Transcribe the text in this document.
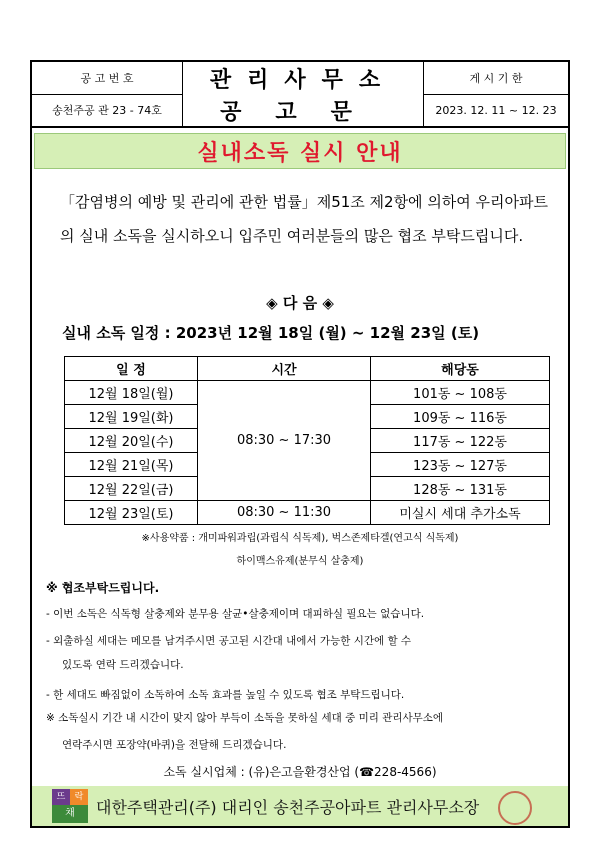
공 고 번 호
송천주공 관 23 - 74호
관리사무소
공고문
게 시 기 한
2023. 12. 11 ~ 12. 23
실내소독 실시 안내
「감염병의 예방 및 관리에 관한 법률」제51조 제2항에 의하여 우리아파트의 실내 소독을 실시하오니 입주민 여러분들의 많은 협조 부탁드립니다.
◈ 다 음 ◈
실내 소독 일정 : 2023년 12월 18일 (월) ~ 12월 23일 (토)
일 정	시간	해당동
12월 18일(월)	08:30 ~ 17:30	101동 ~ 108동
12월 19일(화)		109동 ~ 116동
12월 20일(수)		117동 ~ 122동
12월 21일(목)		123동 ~ 127동
12월 22일(금)		128동 ~ 131동
12월 23일(토)	08:30 ~ 11:30	미실시 세대 추가소독
※사용약품 : 개미파워과립(과립식 식독제), 벅스존제타겔(연고식 식독제)
하이맥스유제(분무식 살충제)
※ 협조부탁드립니다.
- 이번 소독은 식독형 살충제와 분무용 살균•살충제이며 대피하실 필요는 없습니다.
- 외출하실 세대는 메모를 남겨주시면 공고된 시간대 내에서 가능한 시간에 할 수
있도록 연락 드리겠습니다.
- 한 세대도 빠짐없이 소독하여 소독 효과를 높일 수 있도록 협조 부탁드립니다.
※ 소독실시 기간 내 시간이 맞지 않아 부득이 소독을 못하실 세대 중 미리 관리사무소에
연락주시면 포장약(바퀴)을 전달해 드리겠습니다.
소독 실시업체 : (유)은고을환경산업 (☎228-4566)
뜨	락
채	대한주택관리(주) 대리인 송천주공아파트 관리사무소장
